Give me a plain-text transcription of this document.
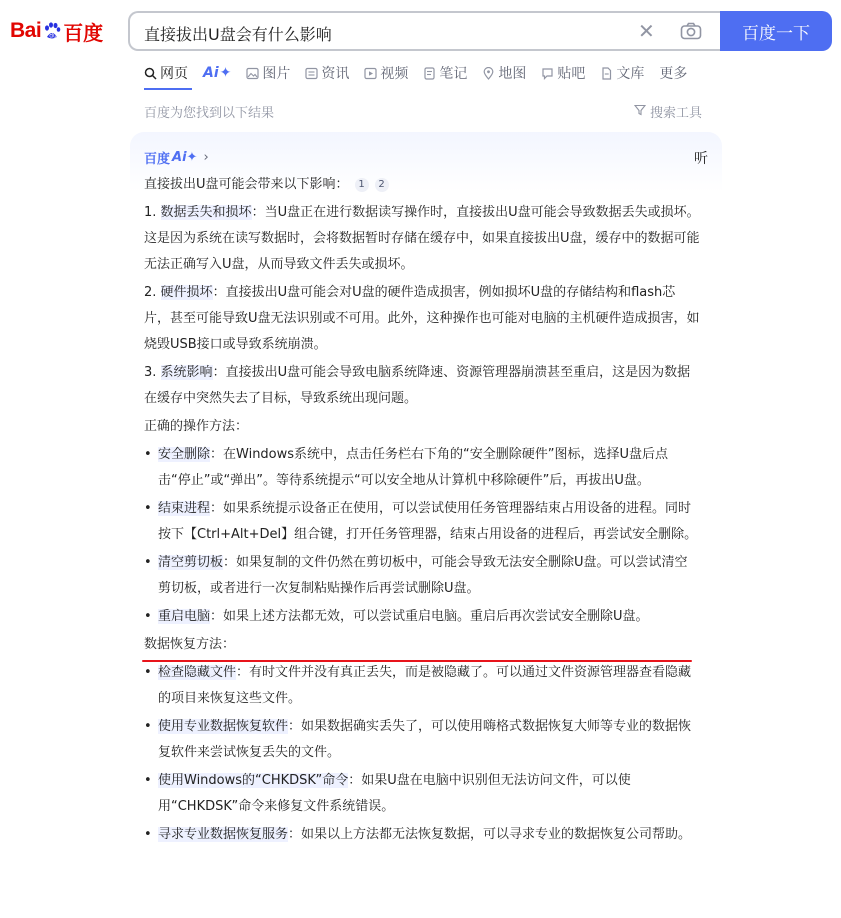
Bai du 百度	直接拔出U盘会有什么影响	✕	百度一下
网页 Ai ✦ 图片 资讯 视频 笔记 地图 贴吧 文库 更多
百度为您找到以下结果	搜索工具
百度 Ai✦ ›	听

直接拔出U盘可能会带来以下影响： 1 2

1. 数据丢失和损坏：当U盘正在进行数据读写操作时，直接拔出U盘可能会导致数据丢失或损坏。这是因为系统在读写数据时，会将数据暂时存储在缓存中，如果直接拔出U盘，缓存中的数据可能无法正确写入U盘，从而导致文件丢失或损坏。

2. 硬件损坏：直接拔出U盘可能会对U盘的硬件造成损害，例如损坏U盘的存储结构和flash芯片，甚至可能导致U盘无法识别或不可用。此外，这种操作也可能对电脑的主机硬件造成损害，如烧毁USB接口或导致系统崩溃。

3. 系统影响：直接拔出U盘可能会导致电脑系统降速、资源管理器崩溃甚至重启，这是因为数据在缓存中突然失去了目标，导致系统出现问题。

正确的操作方法：

• 安全删除：在Windows系统中，点击任务栏右下角的“安全删除硬件”图标，选择U盘后点击“停止”或“弹出”。等待系统提示“可以安全地从计算机中移除硬件”后，再拔出U盘。

• 结束进程：如果系统提示设备正在使用，可以尝试使用任务管理器结束占用设备的进程。同时按下【Ctrl+Alt+Del】组合键，打开任务管理器，结束占用设备的进程后，再尝试安全删除。

• 清空剪切板：如果复制的文件仍然在剪切板中，可能会导致无法安全删除U盘。可以尝试清空剪切板，或者进行一次复制粘贴操作后再尝试删除U盘。

• 重启电脑：如果上述方法都无效，可以尝试重启电脑。重启后再次尝试安全删除U盘。

数据恢复方法：

• 检查隐藏文件：有时文件并没有真正丢失，而是被隐藏了。可以通过文件资源管理器查看隐藏的项目来恢复这些文件。

• 使用专业数据恢复软件：如果数据确实丢失了，可以使用嗨格式数据恢复大师等专业的数据恢复软件来尝试恢复丢失的文件。

• 使用Windows的“CHKDSK”命令：如果U盘在电脑中识别但无法访问文件，可以使用“CHKDSK”命令来修复文件系统错误。

• 寻求专业数据恢复服务：如果以上方法都无法恢复数据，可以寻求专业的数据恢复公司帮助。
